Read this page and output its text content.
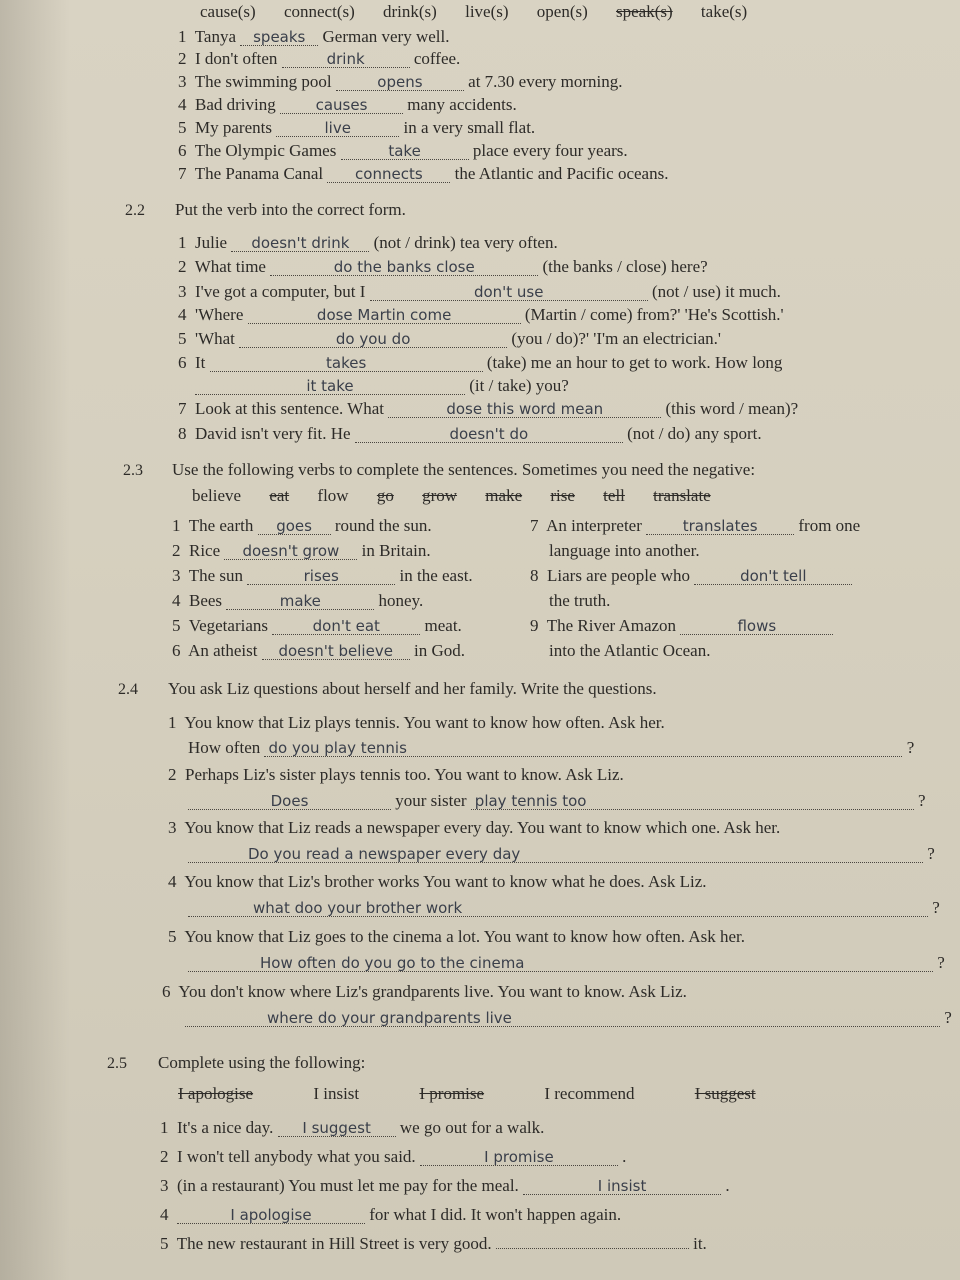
cause(s) connect(s) drink(s) live(s) open(s) speak(s) take(s)
1 Tanya speaks German very well.
2 I don't often	drink	coffee.
3 The swimming pool	opens	at 7.30 every morning.
4 Bad driving	causes many accidents.
5 My parents	live	in a very small flat.
6 The Olympic Games	take	place every four years.
7 The Panama Canal connects the Atlantic and Pacific oceans.
2.2 Put the verb into the correct form.
1 Julie doesn't drink (not / drink) tea very often.
2 What time	do the banks close	(the banks / close) here?
3 I've got a computer, but I	don't use	(not / use) it much.
4 'Where	dose Martin come	(Martin / come) from?' 'He's Scottish.'
5 'What	do you do	(you / do)?' 'I'm an electrician.'
6 It	takes	(take) me an hour to get to work. How long
it take	(it / take) you?
7 Look at this sentence. What	dose this word mean	(this word / mean)?
8 David isn't very fit. He	doesn't do	(not / do) any sport.
2.3 Use the following verbs to complete the sentences. Sometimes you need the negative:
believe eat flow go grow make rise tell translate
1 The earth goes round the sun.
2 Rice doesn't grow in Britain.
3 The sun	rises	in the east.
4 Bees	make	honey.
5 Vegetarians	don't eat	meat.
6 An atheist doesn't believe in God.
7 An interpreter	translates from one
language into another.
8 Liars are people who	don't tell
the truth.
9 The River Amazon	flows
into the Atlantic Ocean.
2.4 You ask Liz questions about herself and her family. Write the questions.
1 You know that Liz plays tennis. You want to know how often. Ask her.
How often do you play tennis	?
2 Perhaps Liz's sister plays tennis too. You want to know. Ask Liz.
Does	your sister play tennis too	?
3 You know that Liz reads a newspaper every day. You want to know which one. Ask her.
Do you read a newspaper every day	?
4 You know that Liz's brother works You want to know what he does. Ask Liz.
what doo your brother work	?
5 You know that Liz goes to the cinema a lot. You want to know how often. Ask her.
How often do you go to the cinema	?
6 You don't know where Liz's grandparents live. You want to know. Ask Liz.
where do your grandparents live	?
2.5 Complete using the following:
I apologise	I insist	I promise	I recommend	I suggest
1 It's a nice day. I suggest we go out for a walk.
2 I won't tell anybody what you said.	I promise	.
3 (in a restaurant) You must let me pay for the meal.	I insist	.
4	I apologise	for what I did. It won't happen again.
5 The new restaurant in Hill Street is very good.	it.
